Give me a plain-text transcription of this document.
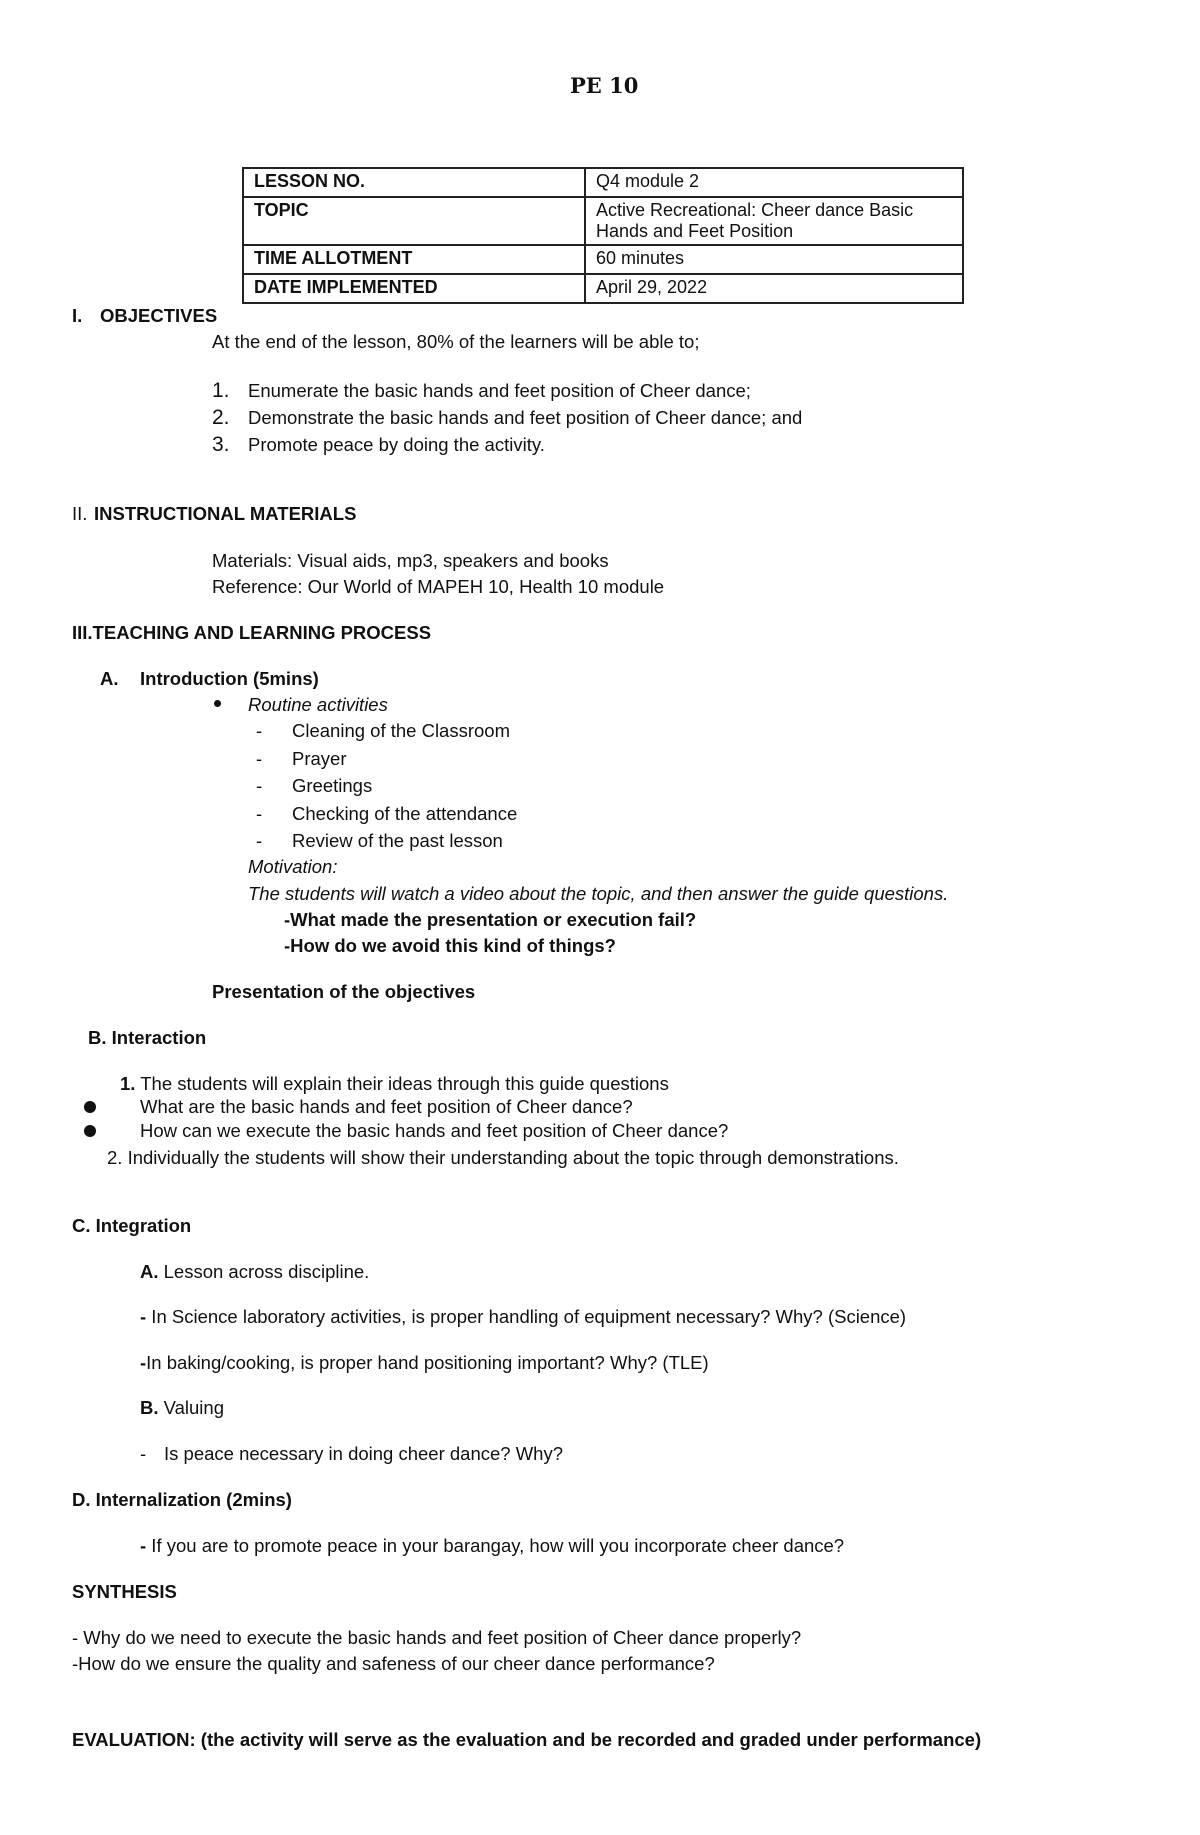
PE 10
LESSON NO.	Q4 module 2
TOPIC	Active Recreational: Cheer dance Basic Hands and Feet Position
TIME ALLOTMENT	60 minutes
DATE IMPLEMENTED	April 29, 2022
I. OBJECTIVES
At the end of the lesson, 80% of the learners will be able to;
1. Enumerate the basic hands and feet position of Cheer dance;
2. Demonstrate the basic hands and feet position of Cheer dance; and
3. Promote peace by doing the activity.
II. INSTRUCTIONAL MATERIALS
Materials: Visual aids, mp3, speakers and books
Reference: Our World of MAPEH 10, Health 10 module
III.TEACHING AND LEARNING PROCESS
A. Introduction (5mins)
Routine activities
- Cleaning of the Classroom
- Prayer
- Greetings
- Checking of the attendance
- Review of the past lesson
Motivation:
The students will watch a video about the topic, and then answer the guide questions.
-What made the presentation or execution fail?
-How do we avoid this kind of things?
Presentation of the objectives
B. Interaction
1. The students will explain their ideas through this guide questions
What are the basic hands and feet position of Cheer dance?
How can we execute the basic hands and feet position of Cheer dance?
2. Individually the students will show their understanding about the topic through demonstrations.
C. Integration
A. Lesson across discipline.
- In Science laboratory activities, is proper handling of equipment necessary? Why? (Science)
-In baking/cooking, is proper hand positioning important? Why? (TLE)
B. Valuing
- Is peace necessary in doing cheer dance? Why?
D. Internalization (2mins)
- If you are to promote peace in your barangay, how will you incorporate cheer dance?
SYNTHESIS
- Why do we need to execute the basic hands and feet position of Cheer dance properly?
-How do we ensure the quality and safeness of our cheer dance performance?
EVALUATION: (the activity will serve as the evaluation and be recorded and graded under performance)
